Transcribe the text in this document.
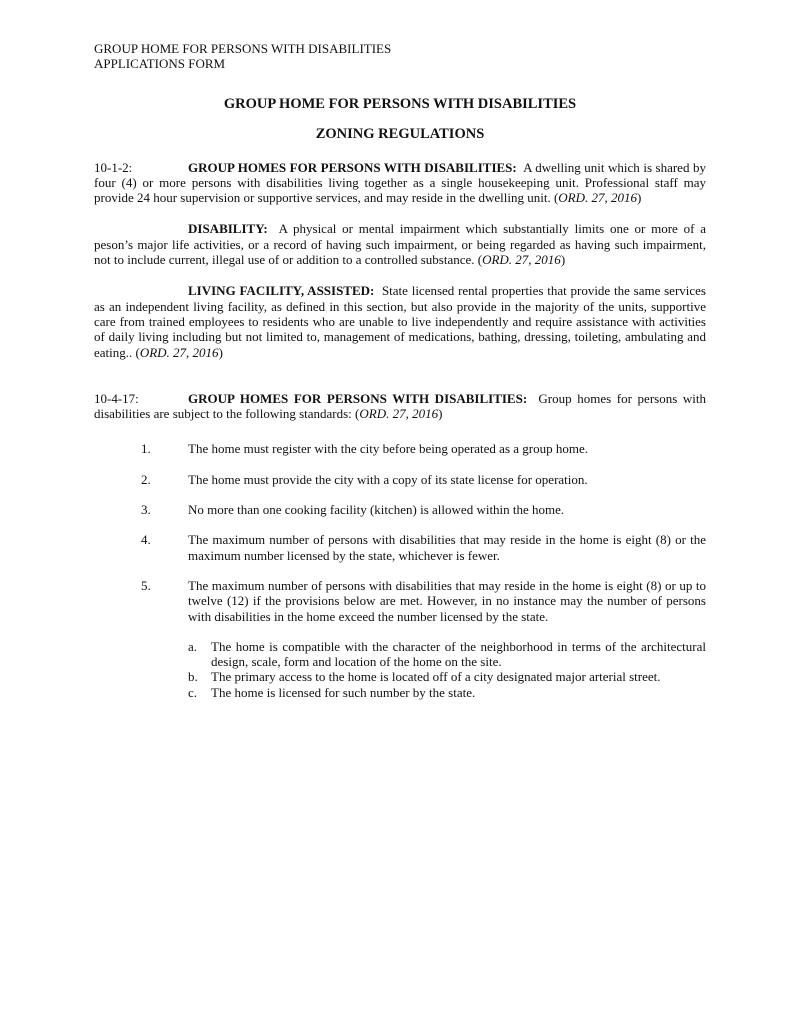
GROUP HOME FOR PERSONS WITH DISABILITIES
APPLICATIONS FORM
GROUP HOME FOR PERSONS WITH DISABILITIES
ZONING REGULATIONS

10-1-2:	GROUP HOMES FOR PERSONS WITH DISABILITIES: A dwelling unit which is shared by four (4) or more persons with disabilities living together as a single housekeeping unit. Professional staff may provide 24 hour supervision or supportive services, and may reside in the dwelling unit. (ORD. 27, 2016)

DISABILITY: A physical or mental impairment which substantially limits one or more of a peson’s major life activities, or a record of having such impairment, or being regarded as having such impairment, not to include current, illegal use of or addition to a controlled substance. (ORD. 27, 2016)

LIVING FACILITY, ASSISTED: State licensed rental properties that provide the same services as an independent living facility, as defined in this section, but also provide in the majority of the units, supportive care from trained employees to residents who are unable to live independently and require assistance with activities of daily living including but not limited to, management of medications, bathing, dressing, toileting, ambulating and eating.. (ORD. 27, 2016)

10-4-17:	GROUP HOMES FOR PERSONS WITH DISABILITIES: Group homes for persons with disabilities are subject to the following standards: (ORD. 27, 2016)

1.	The home must register with the city before being operated as a group home.
2.	The home must provide the city with a copy of its state license for operation.
3.	No more than one cooking facility (kitchen) is allowed within the home.
4.	The maximum number of persons with disabilities that may reside in the home is eight (8) or the maximum number licensed by the state, whichever is fewer.
5.	The maximum number of persons with disabilities that may reside in the home is eight (8) or up to twelve (12) if the provisions below are met. However, in no instance may the number of persons with disabilities in the home exceed the number licensed by the state.
a. The home is compatible with the character of the neighborhood in terms of the architectural design, scale, form and location of the home on the site.
b. The primary access to the home is located off of a city designated major arterial street.
c. The home is licensed for such number by the state.
